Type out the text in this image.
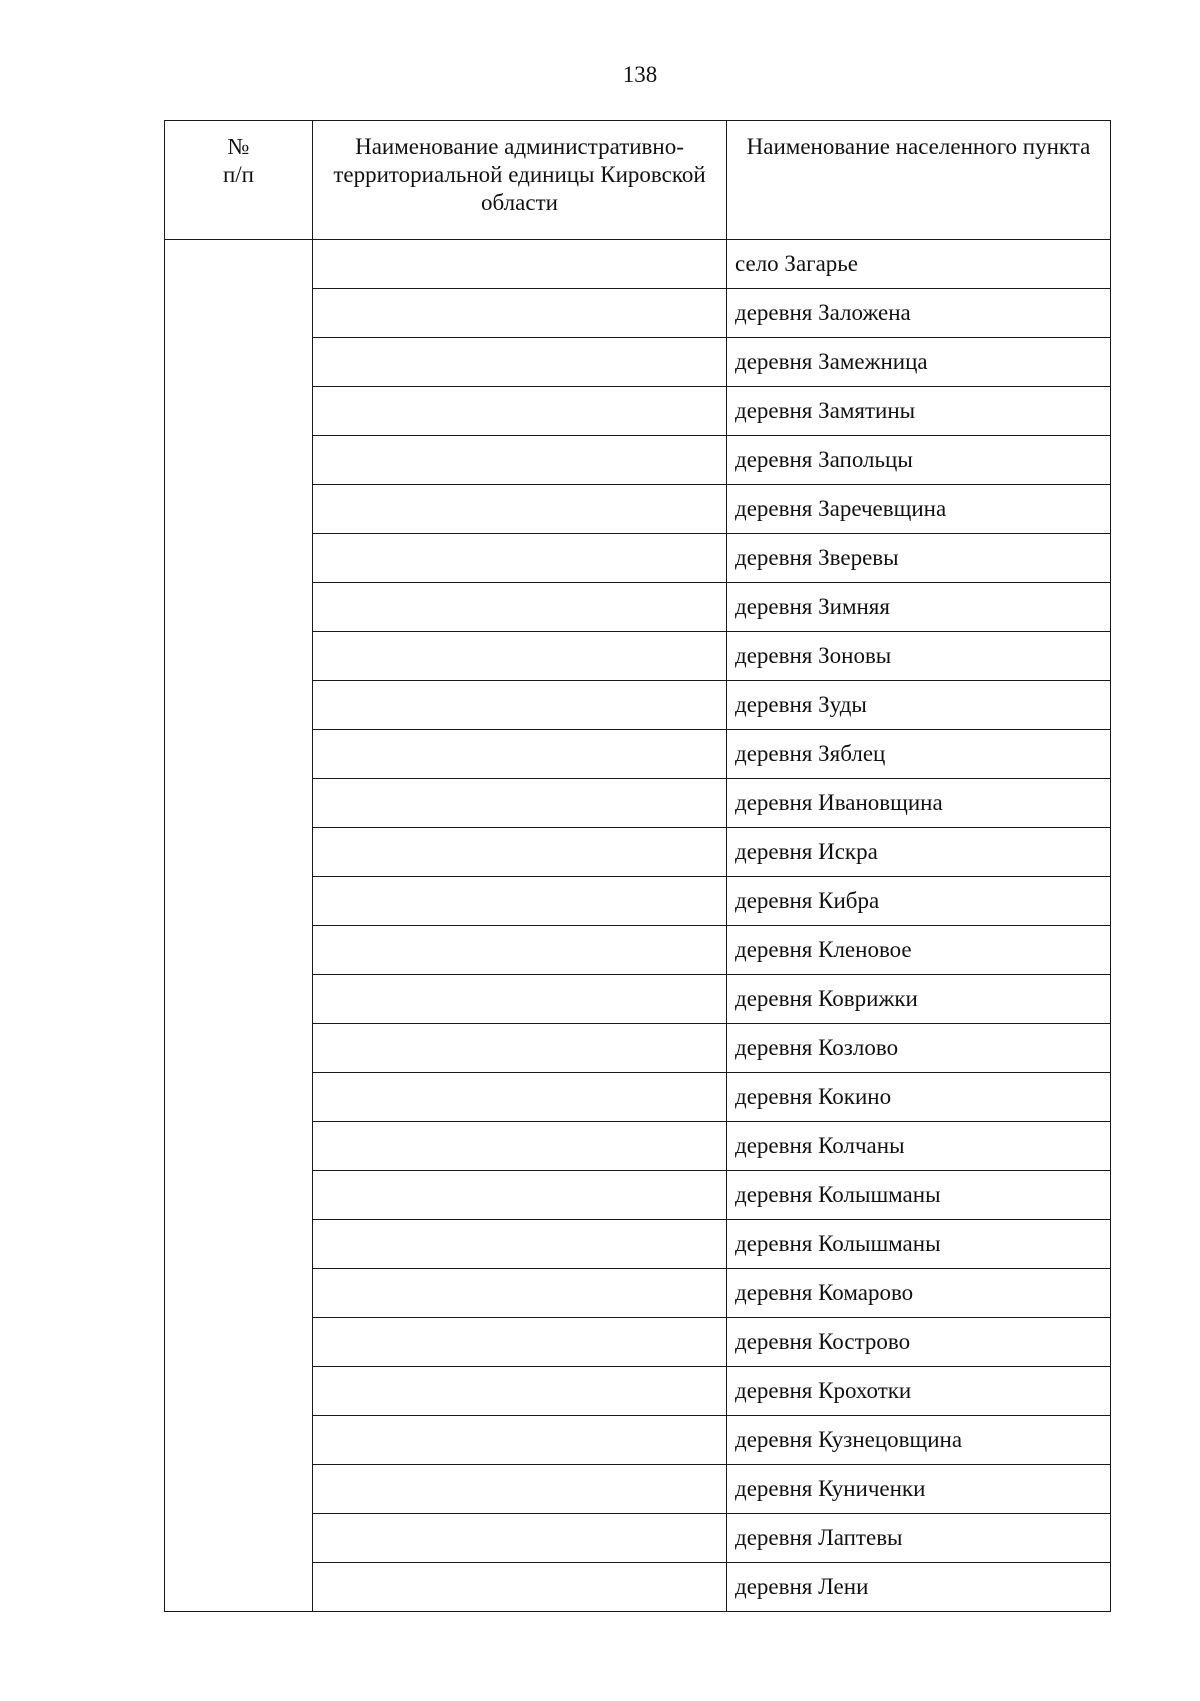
138
№
п/п	Наименование административно-территориальной единицы Кировской области	Наименование населенного пункта
		село Загарье
		деревня Заложена
		деревня Замежница
		деревня Замятины
		деревня Запольцы
		деревня Заречевщина
		деревня Зверевы
		деревня Зимняя
		деревня Зоновы
		деревня Зуды
		деревня Зяблец
		деревня Ивановщина
		деревня Искра
		деревня Кибра
		деревня Кленовое
		деревня Коврижки
		деревня Козлово
		деревня Кокино
		деревня Колчаны
		деревня Колышманы
		деревня Колышманы
		деревня Комарово
		деревня Кострово
		деревня Крохотки
		деревня Кузнецовщина
		деревня Куниченки
		деревня Лаптевы
		деревня Лени
